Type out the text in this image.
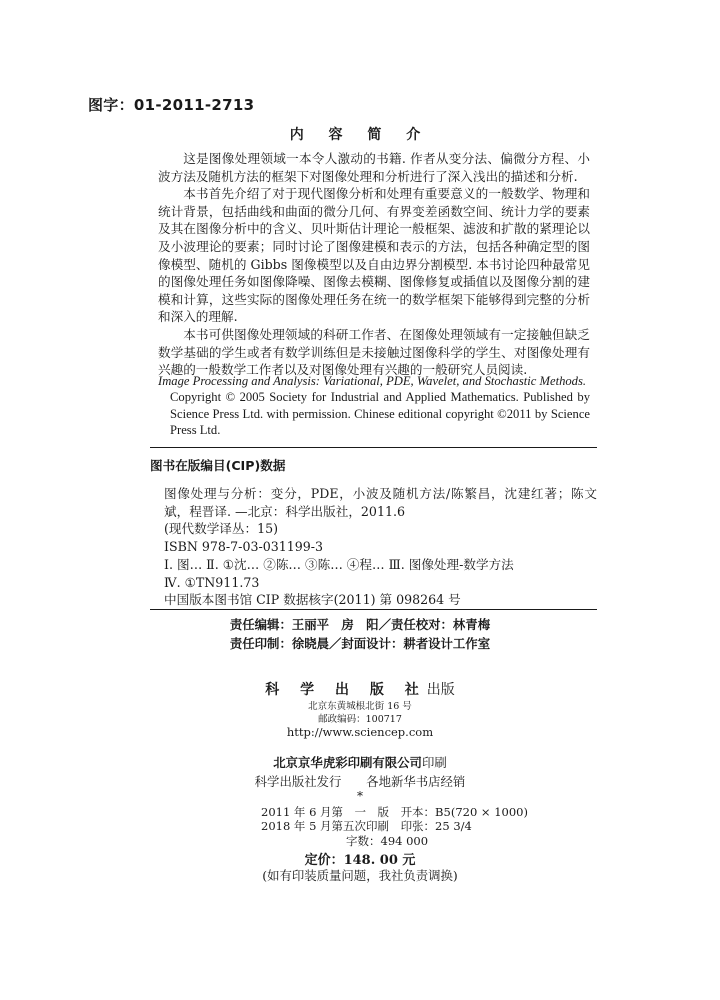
图字：01-2011-2713
内 容 简 介

这是图像处理领域一本令人激动的书籍. 作者从变分法、偏微分方程、小波方法及随机方法的框架下对图像处理和分析进行了深入浅出的描述和分析.

本书首先介绍了对于现代图像分析和处理有重要意义的一般数学、物理和统计背景，包括曲线和曲面的微分几何、有界变差函数空间、统计力学的要素及其在图像分析中的含义、贝叶斯估计理论一般框架、滤波和扩散的紧理论以及小波理论的要素；同时讨论了图像建模和表示的方法，包括各种确定型的图像模型、随机的 Gibbs 图像模型以及自由边界分割模型. 本书讨论四种最常见的图像处理任务如图像降噪、图像去模糊、图像修复或插值以及图像分割的建模和计算，这些实际的图像处理任务在统一的数学框架下能够得到完整的分析和深入的理解.

本书可供图像处理领域的科研工作者、在图像处理领域有一定接触但缺乏数学基础的学生或者有数学训练但是未接触过图像科学的学生、对图像处理有兴趣的一般数学工作者以及对图像处理有兴趣的一般研究人员阅读.

Image Processing and Analysis: Variational, PDE, Wavelet, and Stochastic Methods.
Copyright © 2005 Society for Industrial and Applied Mathematics. Published by Science Press Ltd. with permission. Chinese editional copyright ©2011 by Science Press Ltd.
图书在版编目(CIP)数据
图像处理与分析：变分，PDE，小波及随机方法/陈繁昌，沈建红著；陈文斌，程晋译. —北京：科学出版社，2011.6
(现代数学译丛：15)
ISBN 978-7-03-031199-3
Ⅰ. 图… Ⅱ. ①沈… ②陈… ③陈… ④程… Ⅲ. 图像处理-数学方法
Ⅳ. ①TN911.73
中国版本图书馆 CIP 数据核字(2011) 第 098264 号
责任编辑：王丽平　房　阳／责任校对：林青梅
责任印制：徐晓晨／封面设计：耕者设计工作室
科 学 出 版 社出版
北京东黄城根北街 16 号
邮政编码：100717
http://www.sciencep.com
北京京华虎彩印刷有限公司印刷
科学出版社发行　　各地新华书店经销
*
2011 年 6 月第　一　版　 开本：B5(720 × 1000)
2018 年 5 月第五次印刷　 印张：25 3/4
字数：494 000
定价：148. 00 元
(如有印装质量问题，我社负责调换)
